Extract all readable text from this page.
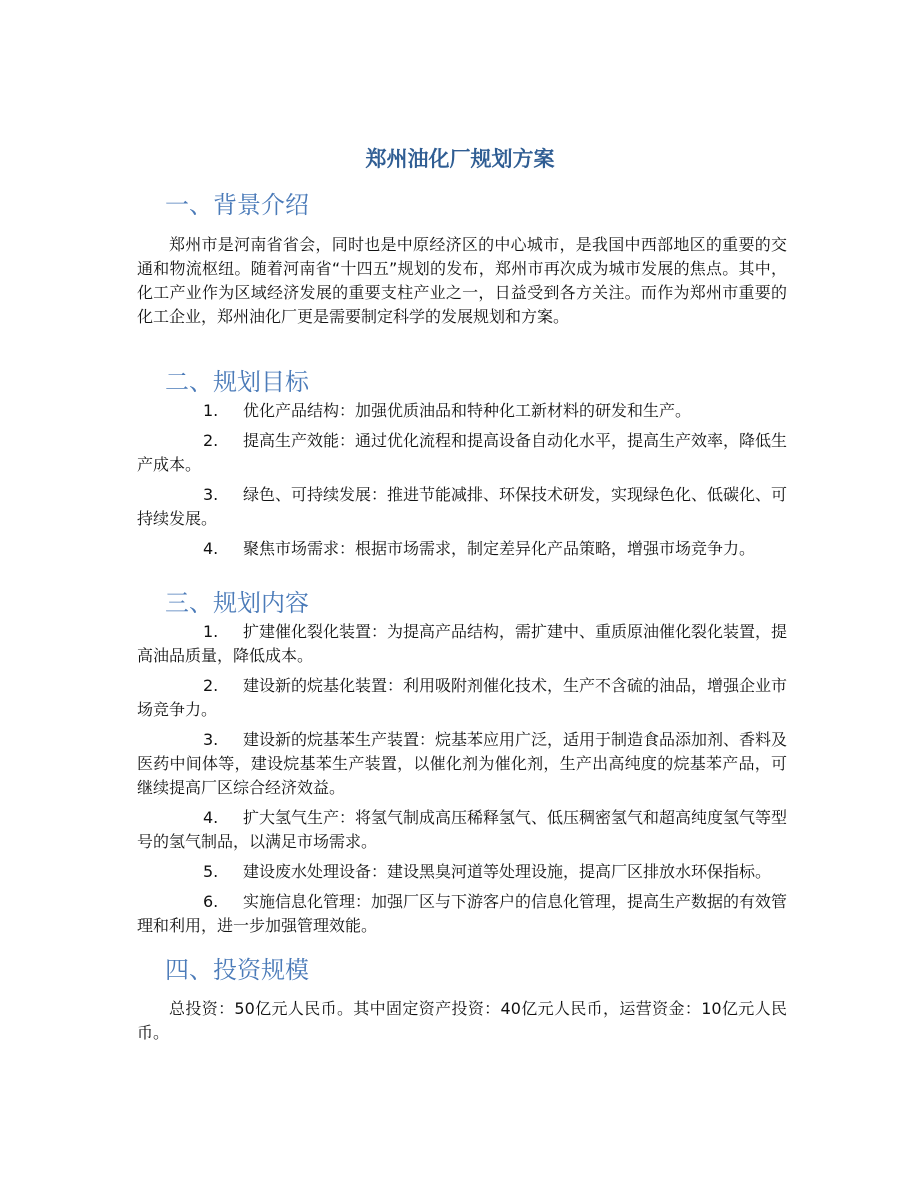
郑州油化厂规划方案
一、背景介绍

郑州市是河南省省会，同时也是中原经济区的中心城市，是我国中西部地区的重要的交通和物流枢纽。随着河南省“十四五”规划的发布，郑州市再次成为城市发展的焦点。其中，化工产业作为区域经济发展的重要支柱产业之一，日益受到各方关注。而作为郑州市重要的化工企业，郑州油化厂更是需要制定科学的发展规划和方案。

二、规划目标
1. 优化产品结构：加强优质油品和特种化工新材料的研发和生产。
2. 提高生产效能：通过优化流程和提高设备自动化水平，提高生产效率，降低生产成本。
3. 绿色、可持续发展：推进节能减排、环保技术研发，实现绿色化、低碳化、可持续发展。
4. 聚焦市场需求：根据市场需求，制定差异化产品策略，增强市场竞争力。
三、规划内容
1. 扩建催化裂化装置：为提高产品结构，需扩建中、重质原油催化裂化装置，提高油品质量，降低成本。
2. 建设新的烷基化装置：利用吸附剂催化技术，生产不含硫的油品，增强企业市场竞争力。
3. 建设新的烷基苯生产装置：烷基苯应用广泛，适用于制造食品添加剂、香料及医药中间体等，建设烷基苯生产装置，以催化剂为催化剂，生产出高纯度的烷基苯产品，可继续提高厂区综合经济效益。
4. 扩大氢气生产：将氢气制成高压稀释氢气、低压稠密氢气和超高纯度氢气等型号的氢气制品，以满足市场需求。
5. 建设废水处理设备：建设黑臭河道等处理设施，提高厂区排放水环保指标。
6. 实施信息化管理：加强厂区与下游客户的信息化管理，提高生产数据的有效管理和利用，进一步加强管理效能。
四、投资规模

总投资：50亿元人民币。其中固定资产投资：40亿元人民币，运营资金：10亿元人民币。
